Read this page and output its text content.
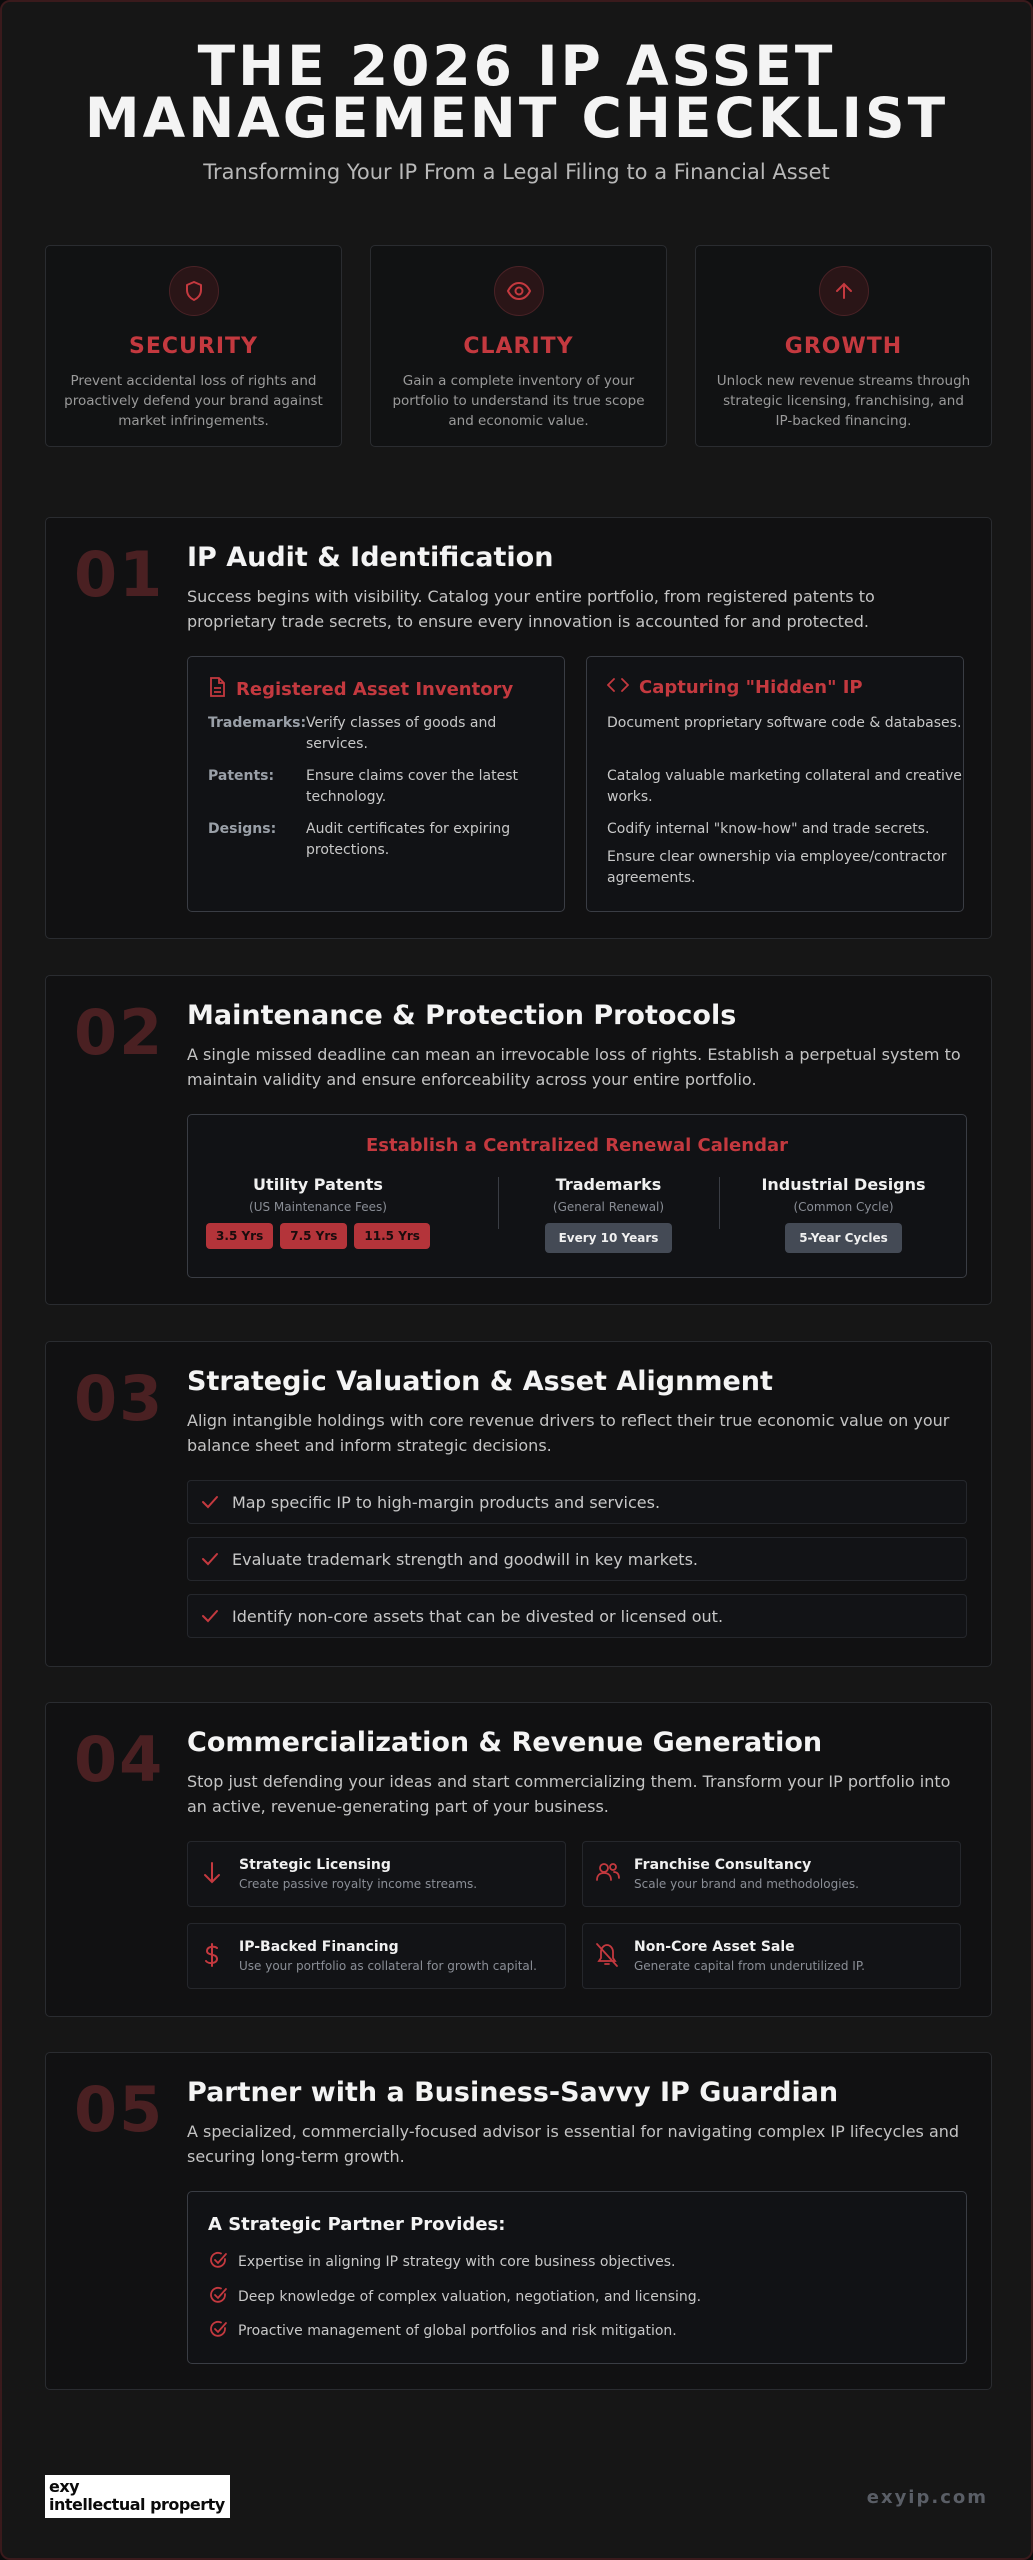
THE 2026 IP ASSET
MANAGEMENT CHECKLIST
Transforming Your IP From a Legal Filing to a Financial Asset
SECURITY
Prevent accidental loss of rights and proactively defend your brand against market infringements.
CLARITY
Gain a complete inventory of your portfolio to understand its true scope and economic value.
GROWTH
Unlock new revenue streams through strategic licensing, franchising, and IP-backed financing.
01 IP Audit & Identification
Success begins with visibility. Catalog your entire portfolio, from registered patents to proprietary trade secrets, to ensure every innovation is accounted for and protected.
Registered Asset Inventory
Trademarks: Verify classes of goods and services.
Patents:	Ensure claims cover the latest technology.
Designs:	Audit certificates for expiring protections.
Capturing "Hidden" IP
Document proprietary software code & databases.
Catalog valuable marketing collateral and creative works.
Codify internal "know-how" and trade secrets.
Ensure clear ownership via employee/contractor agreements.
02 Maintenance & Protection Protocols
A single missed deadline can mean an irrevocable loss of rights. Establish a perpetual system to maintain validity and ensure enforceability across your entire portfolio.
Establish a Centralized Renewal Calendar
Utility Patents
(US Maintenance Fees)
3.5 Yrs	7.5 Yrs	11.5 Yrs
Trademarks
(General Renewal)
Every 10 Years
Industrial Designs
(Common Cycle)
5-Year Cycles
03 Strategic Valuation & Asset Alignment
Align intangible holdings with core revenue drivers to reflect their true economic value on your balance sheet and inform strategic decisions.
Map specific IP to high-margin products and services.
Evaluate trademark strength and goodwill in key markets.
Identify non-core assets that can be divested or licensed out.
04 Commercialization & Revenue Generation
Stop just defending your ideas and start commercializing them. Transform your IP portfolio into an active, revenue-generating part of your business.
Strategic Licensing
Create passive royalty income streams.
Franchise Consultancy
Scale your brand and methodologies.
IP-Backed Financing
Use your portfolio as collateral for growth capital.
Non-Core Asset Sale
Generate capital from underutilized IP.
05 Partner with a Business-Savvy IP Guardian
A specialized, commercially-focused advisor is essential for navigating complex IP lifecycles and securing long-term growth.
A Strategic Partner Provides:
Expertise in aligning IP strategy with core business objectives.
Deep knowledge of complex valuation, negotiation, and licensing.
Proactive management of global portfolios and risk mitigation.
exy
intellectual property	exyip.com
